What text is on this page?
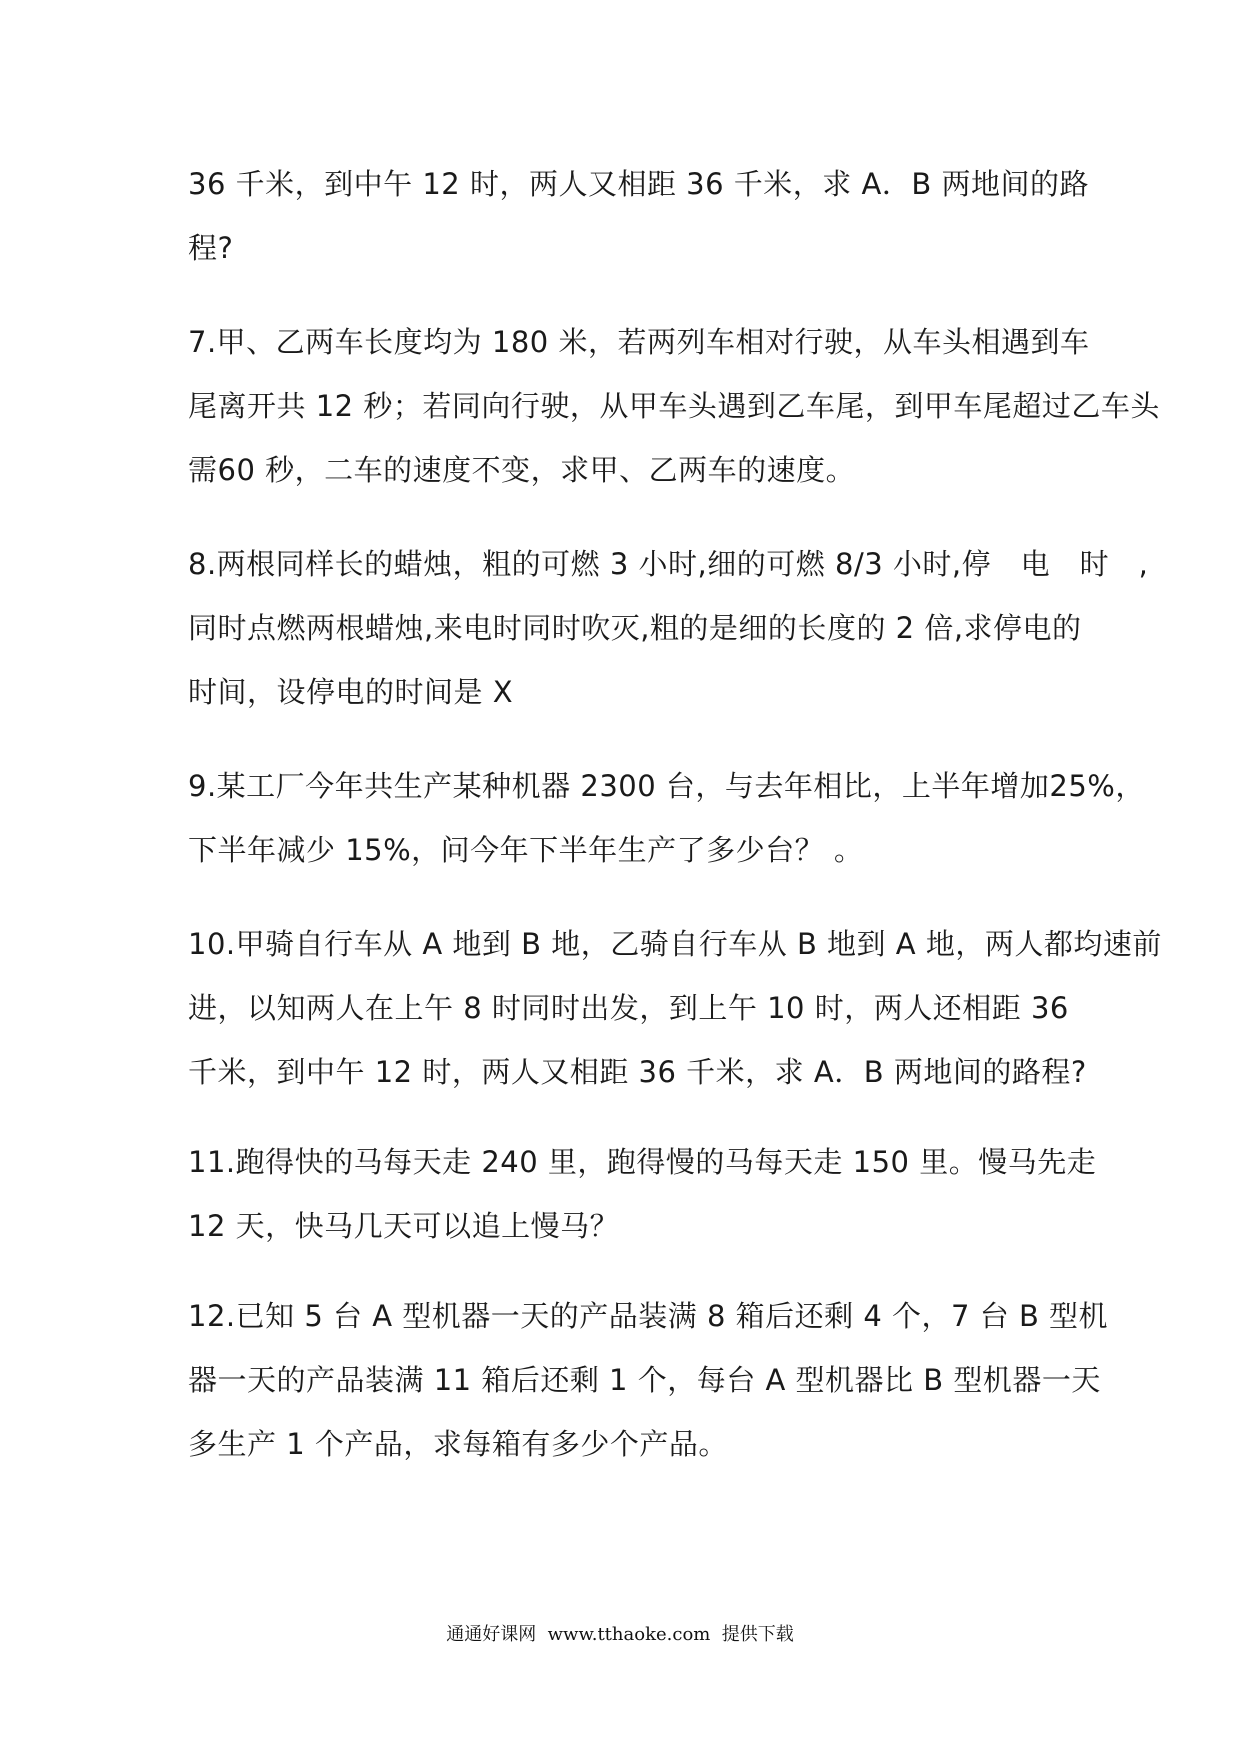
36 千米，到中午 12 时，两人又相距 36 千米，求 A．B 两地间的路
程?
7.甲、乙两车长度均为 180 米，若两列车相对行驶，从车头相遇到车
尾离开共 12 秒；若同向行驶，从甲车头遇到乙车尾，到甲车尾超过乙车头
需60 秒，二车的速度不变，求甲、乙两车的速度。
8.两根同样长的蜡烛，粗的可燃 3 小时,细的可燃 8/3 小时,停　电　时　,
同时点燃两根蜡烛,来电时同时吹灭,粗的是细的长度的 2 倍,求停电的
时间，设停电的时间是 X
9.某工厂今年共生产某种机器 2300 台，与去年相比，上半年增加25%，
下半年减少 15%，问今年下半年生产了多少台？ 。
10.甲骑自行车从 A 地到 B 地，乙骑自行车从 B 地到 A 地，两人都均速前
进，以知两人在上午 8 时同时出发，到上午 10 时，两人还相距 36
千米，到中午 12 时，两人又相距 36 千米，求 A．B 两地间的路程?
11.跑得快的马每天走 240 里，跑得慢的马每天走 150 里。慢马先走
12 天，快马几天可以追上慢马？
12.已知 5 台 A 型机器一天的产品装满 8 箱后还剩 4 个，7 台 B 型机
器一天的产品装满 11 箱后还剩 1 个，每台 A 型机器比 B 型机器一天
多生产 1 个产品，求每箱有多少个产品。
通通好课网  www.tthaoke.com  提供下载
